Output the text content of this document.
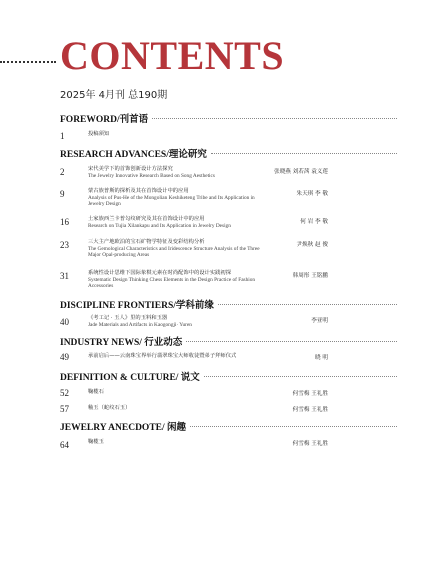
CONTENTS
2025年 4月刊 总190期
FOREWORD/刊首语
1	投稿须知
RESEARCH ADVANCES/理论研究
2	宋代美学下的首饰创新设计方法探究
The Jewelry Innovative Research Based on Song Aesthetics
张晓燕 刘若茜 袁义莲
9	蒙古族普斯的探析及其在首饰设计中的应用
Analysis of Pus-He of the Mongolian Keshiketeng Tribe and Its Application in Jewelry Design
朱天琪 李 敬
16	土家族西兰卡普勾纹研究及其在首饰设计中的应用
Research on Tujia Xilankapu and Its Application in Jewelry Design
何 岩 李 敬
23	三大主产地欧泊的宝石矿物学特征及变彩结构分析
The Gemological Characteristics and Iridescence Structure Analysis of the Three Major Opal-producing Areas
尹焕秋 赵 俊
31	系统性设计思维下国际象棋元素在时尚配饰中的设计实践初探
Systematic Design Thinking Chess Elements in the Design Practice of Fashion Accessories
韩周彤 王铭鹏
DISCIPLINE FRONTIERS/学科前缘
40	《考工记 · 玉人》里的玉料和玉器
Jade Materials and Artifacts in Kaogongji· Yuren
李亚明
INDUSTRY NEWS/ 行业动态
49	承前启后——云南珠宝界举行翡翠珠宝大师收徒暨弟子拜师仪式	晓 明
DEFINITION & CULTURE/ 说文
52	鞠榄石	何雪梅 王礼胜
57	釉玉（蛇纹石玉）	何雪梅 王礼胜
JEWELRY ANECDOTE/ 闲趣
64	鞠榄玉	何雪梅 王礼胜
